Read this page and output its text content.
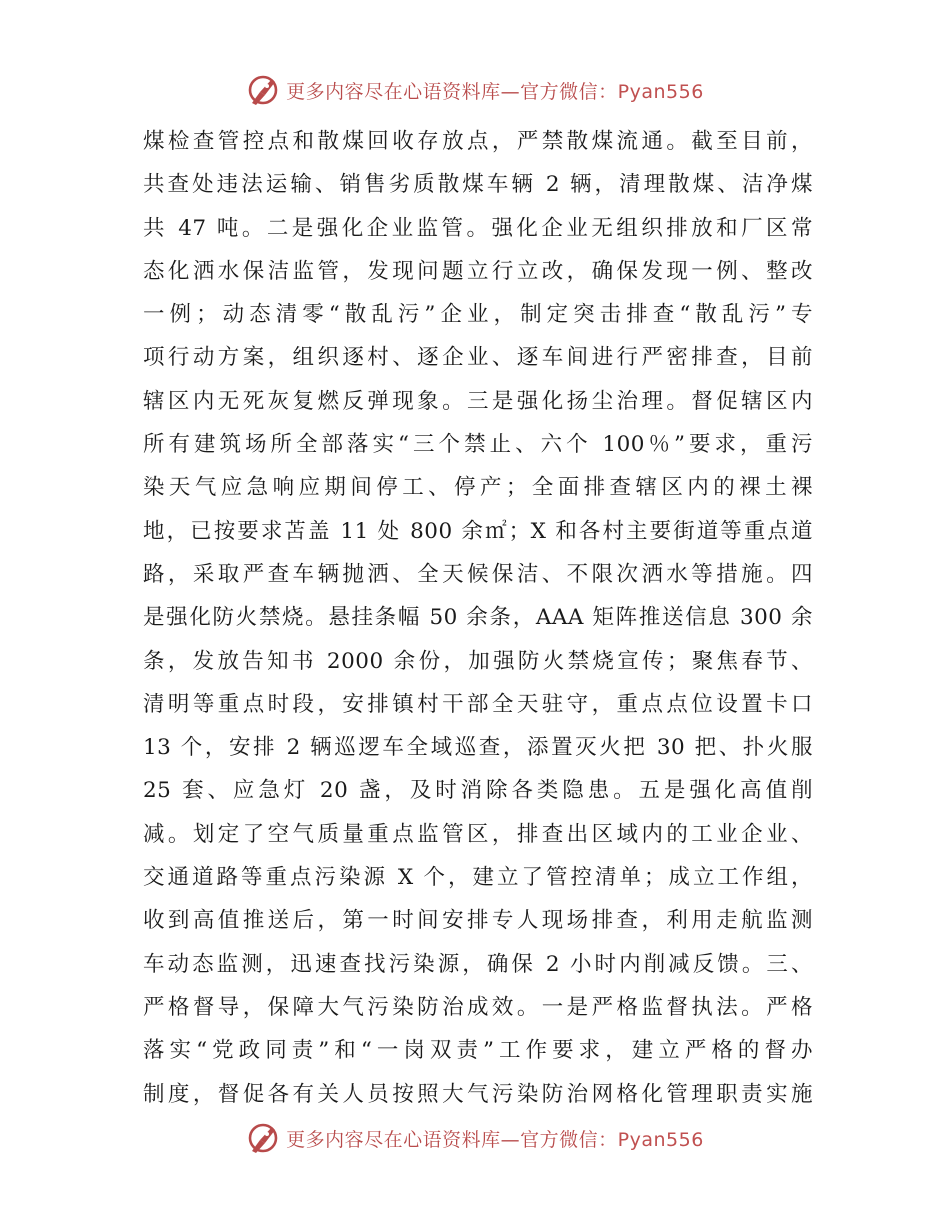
更多内容尽在心语资料库—官方微信：Pyan556
煤检查管控点和散煤回收存放点，严禁散煤流通。截至目前，
共查处违法运输、销售劣质散煤车辆 2 辆，清理散煤、洁净煤
共 47 吨。二是强化企业监管。强化企业无组织排放和厂区常
态化洒水保洁监管，发现问题立行立改，确保发现一例、整改
一例；动态清零“散乱污”企业，制定突击排查“散乱污”专
项行动方案，组织逐村、逐企业、逐车间进行严密排查，目前
辖区内无死灰复燃反弹现象。三是强化扬尘治理。督促辖区内
所有建筑场所全部落实“三个禁止、六个 100％”要求，重污
染天气应急响应期间停工、停产；全面排查辖区内的裸土裸
地，已按要求苫盖 11 处 800 余㎡；X 和各村主要街道等重点道
路，采取严查车辆抛洒、全天候保洁、不限次洒水等措施。四
是强化防火禁烧。悬挂条幅 50 余条，AAA 矩阵推送信息 300 余
条，发放告知书 2000 余份，加强防火禁烧宣传；聚焦春节、
清明等重点时段，安排镇村干部全天驻守，重点点位设置卡口
13 个，安排 2 辆巡逻车全域巡查，添置灭火把 30 把、扑火服
25 套、应急灯 20 盏，及时消除各类隐患。五是强化高值削
减。划定了空气质量重点监管区，排查出区域内的工业企业、
交通道路等重点污染源 X 个，建立了管控清单；成立工作组，
收到高值推送后，第一时间安排专人现场排查，利用走航监测
车动态监测，迅速查找污染源，确保 2 小时内削减反馈。三、
严格督导，保障大气污染防治成效。一是严格监督执法。严格
落实“党政同责”和“一岗双责”工作要求，建立严格的督办
制度，督促各有关人员按照大气污染防治网格化管理职责实施
更多内容尽在心语资料库—官方微信：Pyan556
